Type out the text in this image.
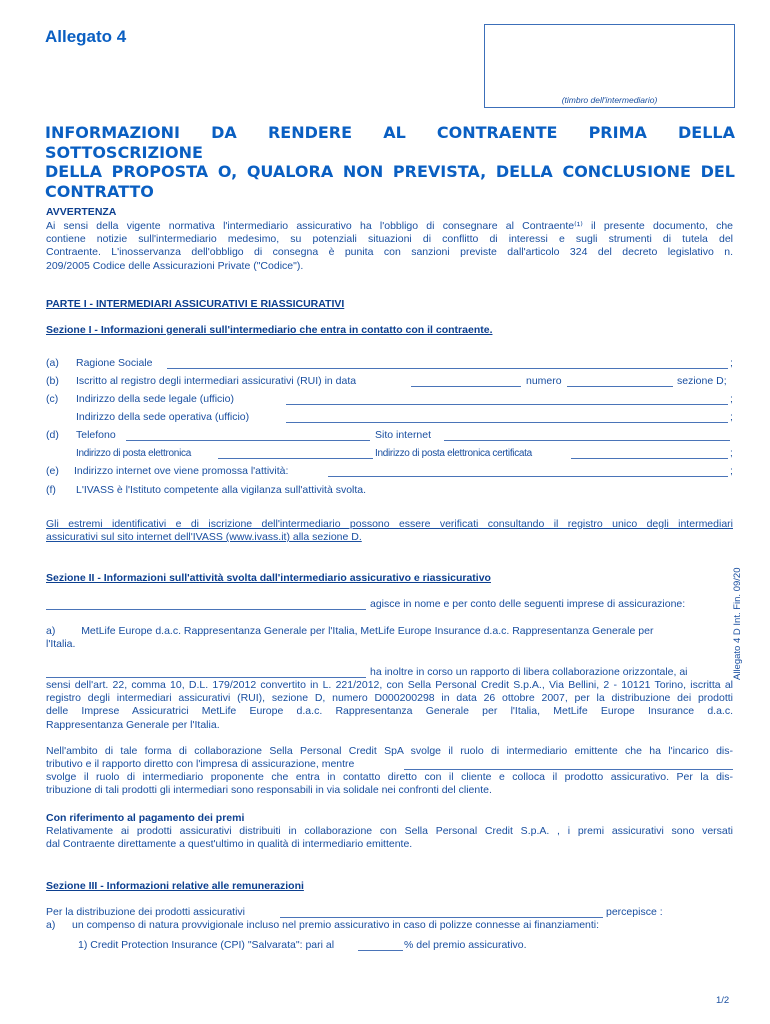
Allegato 4
(timbro dell'intermediario)
INFORMAZIONI DA RENDERE AL CONTRAENTE PRIMA DELLA SOTTOSCRIZIONE
DELLA PROPOSTA O, QUALORA NON PREVISTA, DELLA CONCLUSIONE DEL
CONTRATTO
AVVERTENZA
Ai sensi della vigente normativa l'intermediario assicurativo ha l'obbligo di consegnare al Contraente⁽¹⁾ il presente documento, che
contiene notizie sull'intermediario medesimo, su potenziali situazioni di conflitto di interessi e sugli strumenti di tutela del
Contraente. L'inosservanza dell'obbligo di consegna è punita con sanzioni previste dall'articolo 324 del decreto legislativo n.
209/2005 Codice delle Assicurazioni Private ("Codice").
PARTE I - INTERMEDIARI ASSICURATIVI E RIASSICURATIVI
Sezione I - Informazioni generali sull'intermediario che entra in contatto con il contraente.
(a) Ragione Sociale	;
(b) Iscritto al registro degli intermediari assicurativi (RUI) in data	numero	sezione D;
(c) Indirizzo della sede legale (ufficio)	;
Indirizzo della sede operativa (ufficio)	;
(d) Telefono	Sito internet
Indirizzo di posta elettronica	Indirizzo di posta elettronica certificata	;
(e) Indirizzo internet ove viene promossa l'attività:	;
(f) L'IVASS è l'Istituto competente alla vigilanza sull'attività svolta.
Gli estremi identificativi e di iscrizione dell'intermediario possono essere verificati consultando il registro unico degli intermediari
assicurativi sul sito internet dell'IVASS (www.ivass.it) alla sezione D.
Sezione II - Informazioni sull'attività svolta dall'intermediario assicurativo e riassicurativo
agisce in nome e per conto delle seguenti imprese di assicurazione:
a) MetLife Europe d.a.c. Rappresentanza Generale per l'Italia, MetLife Europe Insurance d.a.c. Rappresentanza Generale per
l'Italia.
ha inoltre in corso un rapporto di libera collaborazione orizzontale, ai
sensi dell'art. 22, comma 10, D.L. 179/2012 convertito in L. 221/2012, con Sella Personal Credit S.p.A., Via Bellini, 2 - 10121 Torino, iscritta al
registro degli intermediari assicurativi (RUI), sezione D, numero D000200298 in data 26 ottobre 2007, per la distribuzione dei prodotti
delle Imprese Assicuratrici MetLife Europe d.a.c. Rappresentanza Generale per l'Italia, MetLife Europe Insurance d.a.c.
Rappresentanza Generale per l'Italia.
Nell'ambito di tale forma di collaborazione Sella Personal Credit SpA svolge il ruolo di intermediario emittente che ha l'incarico dis-
tributivo e il rapporto diretto con l'impresa di assicurazione, mentre
svolge il ruolo di intermediario proponente che entra in contatto diretto con il cliente e colloca il prodotto assicurativo. Per la dis-
tribuzione di tali prodotti gli intermediari sono responsabili in via solidale nei confronti del cliente.
Con riferimento al pagamento dei premi
Relativamente ai prodotti assicurativi distribuiti in collaborazione con Sella Personal Credit S.p.A. , i premi assicurativi sono versati
dal Contraente direttamente a quest'ultimo in qualità di intermediario emittente.
Sezione III - Informazioni relative alle remunerazioni
Per la distribuzione dei prodotti assicurativi	percepisce :
a) un compenso di natura provvigionale incluso nel premio assicurativo in caso di polizze connesse ai finanziamenti:
1) Credit Protection Insurance (CPI) "Salvarata": pari al	% del premio assicurativo.
1/2
Allegato 4 D Int. Fin. 09/20
